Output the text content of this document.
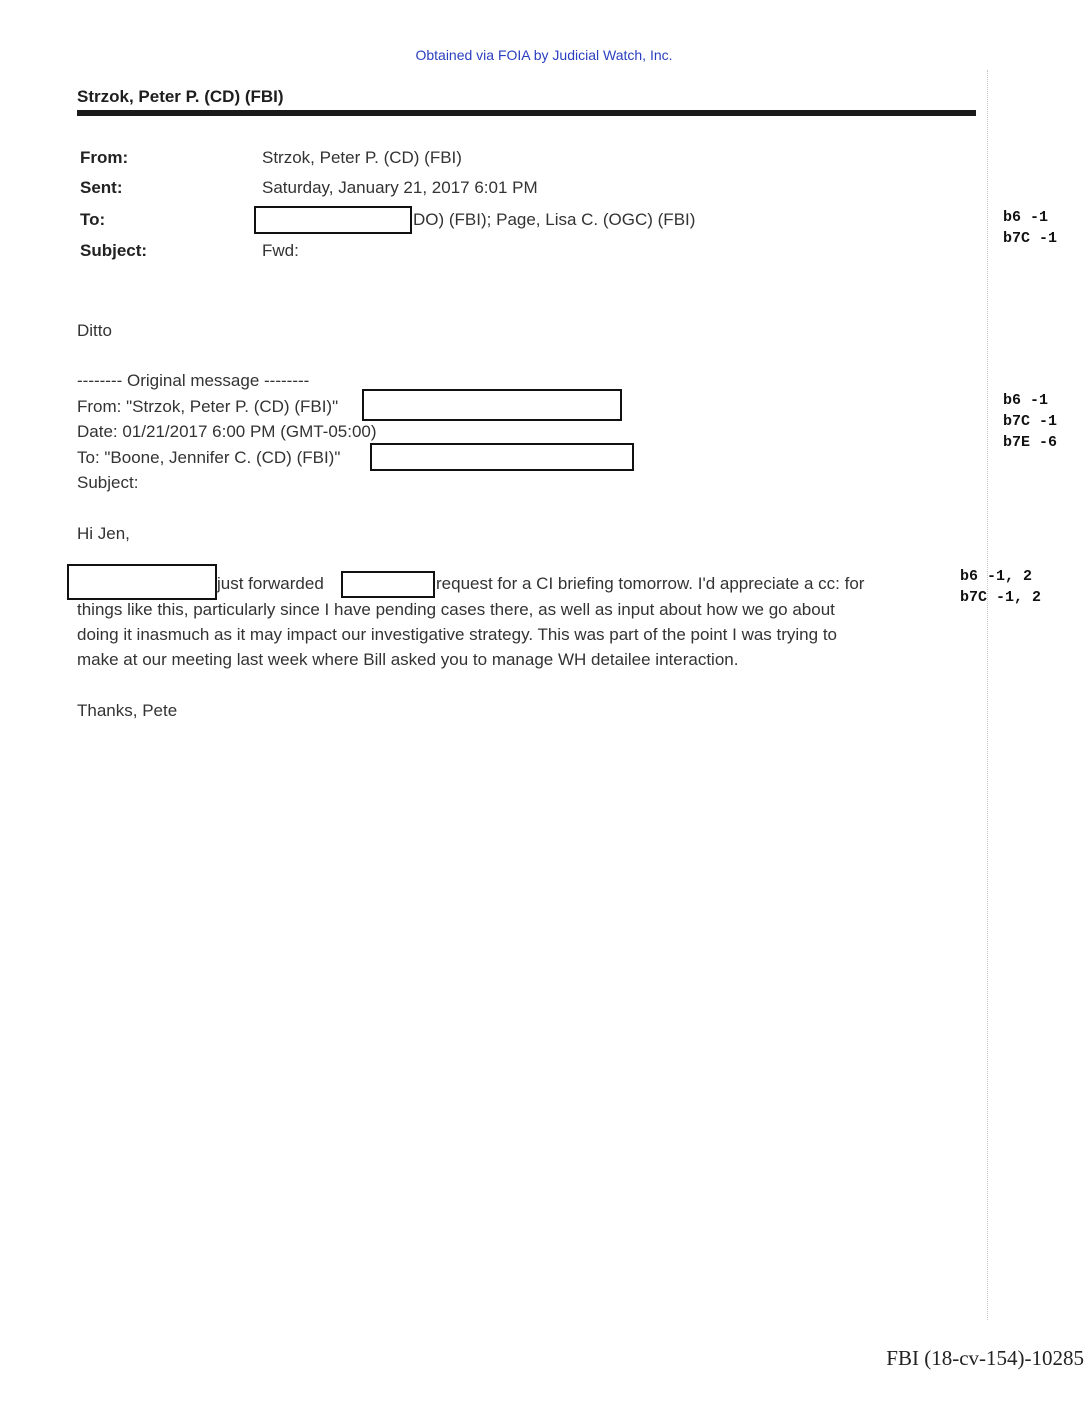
Obtained via FOIA by Judicial Watch, Inc.
Strzok, Peter P. (CD) (FBI)
From:	Strzok, Peter P. (CD) (FBI)
Sent:	Saturday, January 21, 2017 6:01 PM
To:	DO) (FBI); Page, Lisa C. (OGC) (FBI)
Subject:	Fwd:
b6 -1
b7C -1
Ditto
-------- Original message --------
From: "Strzok, Peter P. (CD) (FBI)"
Date: 01/21/2017 6:00 PM (GMT-05:00)
To: "Boone, Jennifer C. (CD) (FBI)"
Subject:
b6 -1
b7C -1
b7E -6
Hi Jen,
just forwarded	request for a CI briefing tomorrow. I'd appreciate a cc: for
things like this, particularly since I have pending cases there, as well as input about how we go about
doing it inasmuch as it may impact our investigative strategy. This was part of the point I was trying to
make at our meeting last week where Bill asked you to manage WH detailee interaction.
b6 -1, 2
b7C -1, 2
Thanks, Pete
FBI (18-cv-154)-10285
